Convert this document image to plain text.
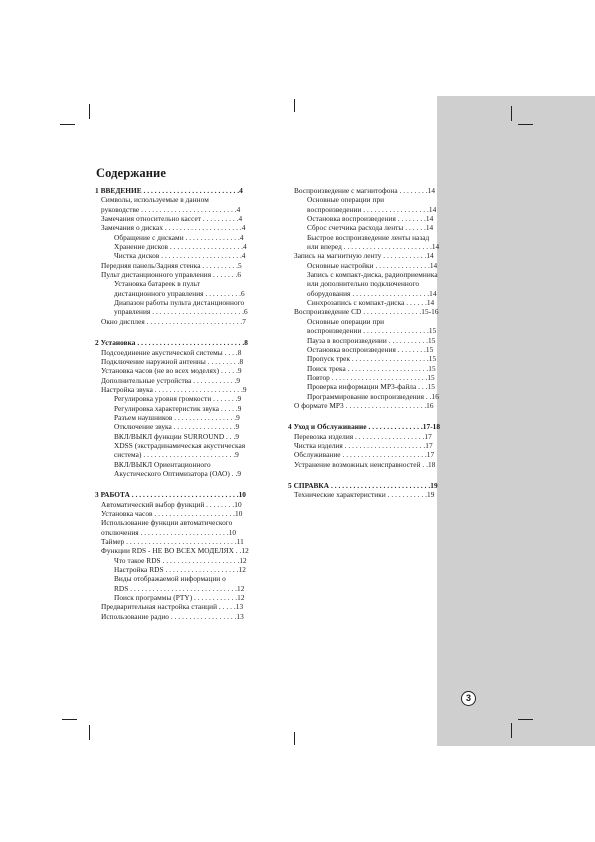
Содержание
1 ВВЕДЕНИЕ . . . . . . . . . . . . . . . . . . . . . . . . . .4
Символы, используемые в данном
руководстве . . . . . . . . . . . . . . . . . . . . . . . . . .4
Замечания относительно кассет . . . . . . . . . .4
Замечания о дисках . . . . . . . . . . . . . . . . . . . . .4
Обращение с дисками . . . . . . . . . . . . . . .4
Хранение дисков . . . . . . . . . . . . . . . . . . . .4
Чистка дисков . . . . . . . . . . . . . . . . . . . . . .4
Передняя панель/Задняя стенка . . . . . . . . . .5
Пульт дистанционного управления . . . . . . .6
Установка батареек в пульт
дистанционного управления . . . . . . . . . .6
Диапазон работы пульта дистанционного
управления . . . . . . . . . . . . . . . . . . . . . . . . .6
Окно дисплея . . . . . . . . . . . . . . . . . . . . . . . . . .7
2 Установка . . . . . . . . . . . . . . . . . . . . . . . . . . . . .8
Подсоединение акустической системы . . . .8
Подключение наружной антенны . . . . . . . . .8
Установка часов (не во всех моделях) . . . . .9
Дополнительные устройства . . . . . . . . . . . .9
Настройка звука . . . . . . . . . . . . . . . . . . . . . . . .9
Регулировка уровня громкости . . . . . . .9
Регулировка характеристик звука . . . . .9
Разъем наушников . . . . . . . . . . . . . . . . .9
Отключение звука . . . . . . . . . . . . . . . . .9
ВКЛ/ВЫКЛ функции SURROUND . . .9
XDSS (экстрадинамическая акустическая
система) . . . . . . . . . . . . . . . . . . . . . . . . .9
ВКЛ/ВЫКЛ Ориентационного
Акустического Оптимизатора (ОАО) . .9
3 РАБОТА . . . . . . . . . . . . . . . . . . . . . . . . . . . . .10
Автоматический выбор функций . . . . . . . .10
Установка часов . . . . . . . . . . . . . . . . . . . . . .10
Использование функции автоматического
отключения . . . . . . . . . . . . . . . . . . . . . . . .10
Таймер . . . . . . . . . . . . . . . . . . . . . . . . . . . . . .11
Функции RDS - НЕ ВО ВСЕХ МОДЕЛЯХ . .12
Что такое RDS . . . . . . . . . . . . . . . . . . . . .12
Настройка RDS . . . . . . . . . . . . . . . . . . . .12
Виды отображаемой информации о
RDS . . . . . . . . . . . . . . . . . . . . . . . . . . . . .12
Поиск программы (PTY) . . . . . . . . . . . .12
Предварительная настройка станций . . . . .13
Использование радио . . . . . . . . . . . . . . . . . .13
Воспроизведение с магнитофона . . . . . . . .14
Основные операции при
воспроизведении . . . . . . . . . . . . . . . . . .14
Остановка воспроизведения . . . . . . . .14
Сброс счетчика расхода ленты . . . . . .14
Быстрое воспроизведение ленты назад
или вперед . . . . . . . . . . . . . . . . . . . . . . . .14
Запись на магнитную ленту . . . . . . . . . . . .14
Основные настройки . . . . . . . . . . . . . . .14
Запись с компакт-диска, радиоприемника
или дополнительно подключенного
оборудования . . . . . . . . . . . . . . . . . . . . .14
Синхрозапись с компакт-диска . . . . . .14
Воспроизведение CD . . . . . . . . . . . . . . . .15-16
Основные операции при
воспроизведении . . . . . . . . . . . . . . . . . .15
Пауза в воспроизведении . . . . . . . . . . .15
Остановка воспроизведения . . . . . . . .15
Пропуск трек . . . . . . . . . . . . . . . . . . . . .15
Поиск трека . . . . . . . . . . . . . . . . . . . . . .15
Повтор . . . . . . . . . . . . . . . . . . . . . . . . . .15
Проверка информации MP3-файла . . .15
Программирование воспроизведения . .16
О формате MP3 . . . . . . . . . . . . . . . . . . . . . .16
4 Уход и Обслуживание . . . . . . . . . . . . . . .17-18
Перевозка изделия . . . . . . . . . . . . . . . . . . .17
Чистка изделия . . . . . . . . . . . . . . . . . . . . . .17
Обслуживание . . . . . . . . . . . . . . . . . . . . . . .17
Устранение возможных неисправностей . .18
5 СПРАВКА . . . . . . . . . . . . . . . . . . . . . . . . . . .19
Технические характеристики . . . . . . . . . . .19
3
